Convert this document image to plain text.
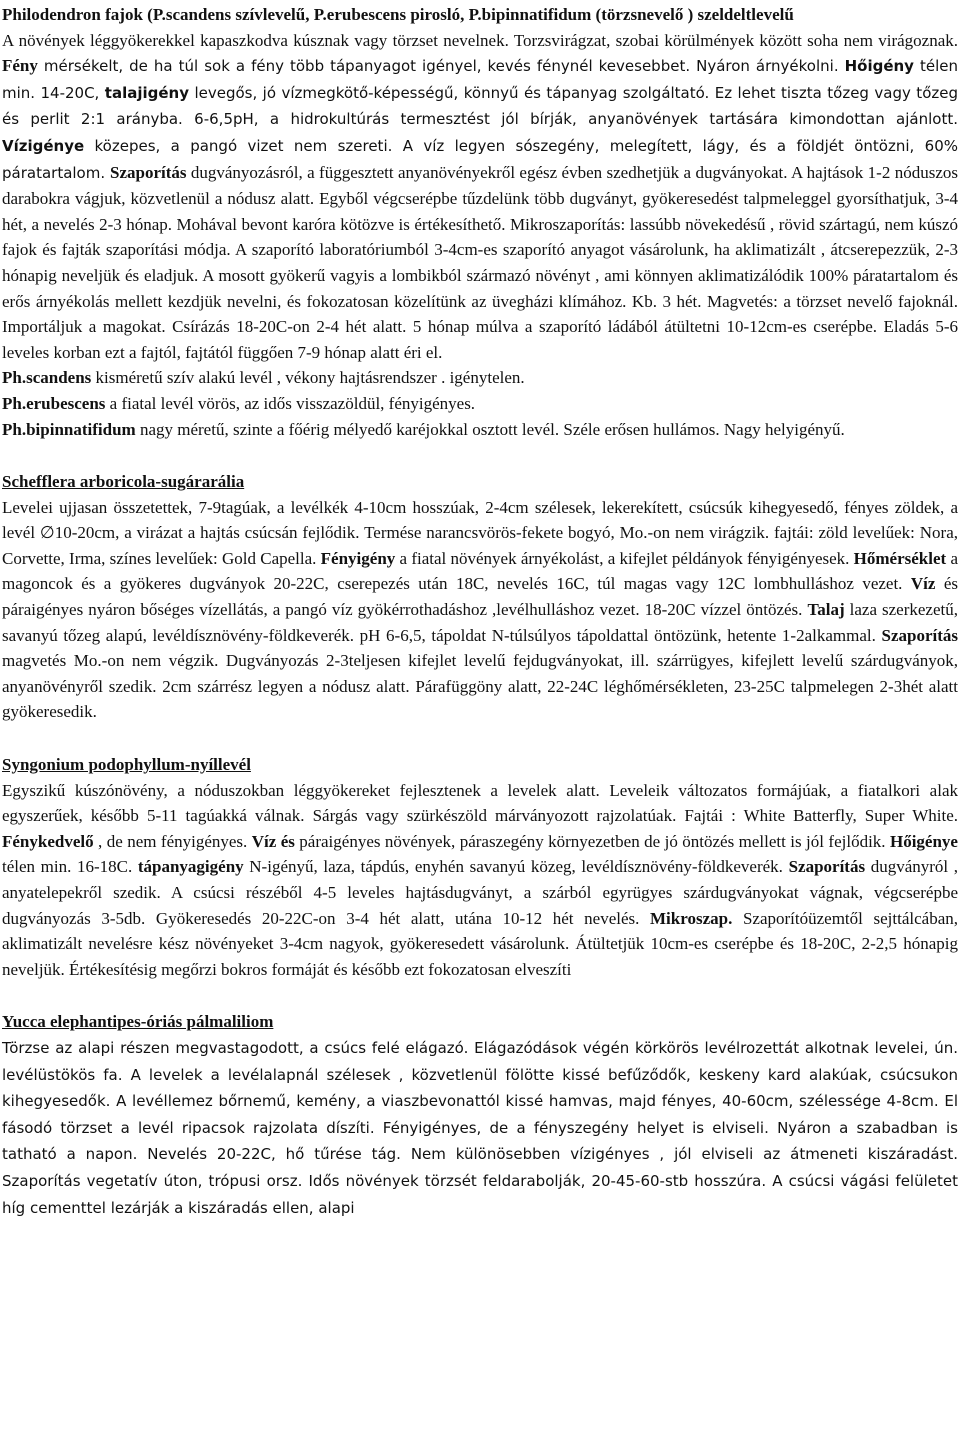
Philodendron fajok (P.scandens szívlevelű, P.erubescens pirosló, P.bipinnatifidum (törzsnevelő ) szeldeltlevelű

A növények léggyökerekkel kapaszkodva kúsznak vagy törzset nevelnek. Torzsvirágzat, szobai körülmények között soha nem virágoznak. Fény mérsékelt, de ha túl sok a fény több tápanyagot igényel, kevés fénynél kevesebbet. Nyáron árnyékolni. Hőigény télen min. 14-20C, talajigény levegős, jó vízmegkötő-képességű, könnyű és tápanyag szolgáltató. Ez lehet tiszta tőzeg vagy tőzeg és perlit 2:1 arányba. 6-6,5pH, a hidrokultúrás termesztést jól bírják, anyanövények tartására kimondottan ajánlott. Vízigénye közepes, a pangó vizet nem szereti. A víz legyen sószegény, melegített, lágy, és a földjét öntözni, 60% páratartalom. Szaporítás dugványozásról, a függesztett anyanövényekről egész évben szedhetjük a dugványokat. A hajtások 1-2 nóduszos darabokra vágjuk, közvetlenül a nódusz alatt. Egyből végcserépbe tűzdelünk több dugványt, gyökeresedést talpmeleggel gyorsíthatjuk, 3-4 hét, a nevelés 2-3 hónap. Mohával bevont karóra kötözve is értékesíthető. Mikroszaporítás: lassúbb növekedésű , rövid szártagú, nem kúszó fajok és fajták szaporítási módja. A szaporító laboratóriumból 3-4cm-es szaporító anyagot vásárolunk, ha aklimatizált , átcserepezzük, 2-3 hónapig neveljük és eladjuk. A mosott gyökerű vagyis a lombikból származó növényt , ami könnyen aklimatizálódik 100% páratartalom és erős árnyékolás mellett kezdjük nevelni, és fokozatosan közelítünk az üvegházi klímához. Kb. 3 hét. Magvetés: a törzset nevelő fajoknál. Importáljuk a magokat. Csírázás 18-20C-on 2-4 hét alatt. 5 hónap múlva a szaporító ládából átültetni 10-12cm-es cserépbe. Eladás 5-6 leveles korban ezt a fajtól, fajtától függően 7-9 hónap alatt éri el.

Ph.scandens kisméretű szív alakú levél , vékony hajtásrendszer . igénytelen.

Ph.erubescens a fiatal levél vörös, az idős visszazöldül, fényigényes.

Ph.bipinnatifidum nagy méretű, szinte a főérig mélyedő karéjokkal osztott levél. Széle erősen hullámos. Nagy helyigényű.

Schefflera arboricola-sugárarália

Levelei ujjasan összetettek, 7-9tagúak, a levélkék 4-10cm hosszúak, 2-4cm szélesek, lekerekített, csúcsúk kihegyesedő, fényes zöldek, a levél ∅10-20cm, a virázat a hajtás csúcsán fejlődik. Termése narancsvörös-fekete bogyó, Mo.-on nem virágzik. fajtái: zöld levelűek: Nora, Corvette, Irma, színes levelűek: Gold Capella. Fényigény a fiatal növények árnyékolást, a kifejlet példányok fényigényesek. Hőmérséklet a magoncok és a gyökeres dugványok 20-22C, cserepezés után 18C, nevelés 16C, túl magas vagy 12C lombhulláshoz vezet. Víz és páraigényes nyáron bőséges vízellátás, a pangó víz gyökérrothadáshoz ,levélhulláshoz vezet. 18-20C vízzel öntözés. Talaj laza szerkezetű, savanyú tőzeg alapú, levéldísznövény-földkeverék. pH 6-6,5, tápoldat N-túlsúlyos tápoldattal öntözünk, hetente 1-2alkammal. Szaporítás magvetés Mo.-on nem végzik. Dugványozás 2-3teljesen kifejlet levelű fejdugványokat, ill. szárrügyes, kifejlett levelű szárdugványok, anyanövényről szedik. 2cm szárrész legyen a nódusz alatt. Párafüggöny alatt, 22-24C léghőmérsékleten, 23-25C talpmelegen 2-3hét alatt gyökeresedik.

Syngonium podophyllum-nyíllevél

Egyszikű kúszónövény, a nóduszokban léggyökereket fejlesztenek a levelek alatt. Leveleik változatos formájúak, a fiatalkori alak egyszerűek, később 5-11 tagúakká válnak. Sárgás vagy szürkészöld márványozott rajzolatúak. Fajtái : White Batterfly, Super White. Fénykedvelő , de nem fényigényes. Víz és páraigényes növények, páraszegény környezetben de jó öntözés mellett is jól fejlődik. Hőigénye télen min. 16-18C. tápanyagigény N-igényű, laza, tápdús, enyhén savanyú közeg, levéldísznövény-földkeverék. Szaporítás dugványról , anyatelepekről szedik. A csúcsi részéből 4-5 leveles hajtásdugványt, a szárból egyrügyes szárdugványokat vágnak, végcserépbe dugványozás 3-5db. Gyökeresedés 20-22C-on 3-4 hét alatt, utána 10-12 hét nevelés. Mikroszap. Szaporítóüzemtől sejttálcában, aklimatizált nevelésre kész növényeket 3-4cm nagyok, gyökeresedett vásárolunk. Átültetjük 10cm-es cserépbe és 18-20C, 2-2,5 hónapig neveljük. Értékesítésig megőrzi bokros formáját és később ezt fokozatosan elveszíti

Yucca elephantipes-óriás pálmaliliom

Törzse az alapi részen megvastagodott, a csúcs felé elágazó. Elágazódások végén körkörös levélrozettát alkotnak levelei, ún. levélüstökös fa. A levelek a levélalapnál szélesek , közvetlenül fölötte kissé befűződők, keskeny kard alakúak, csúcsukon kihegyesedők. A levéllemez bőrnemű, kemény, a viaszbevonattól kissé hamvas, majd fényes, 40-60cm, szélessége 4-8cm. El fásodó törzset a levél ripacsok rajzolata díszíti. Fényigényes, de a fényszegény helyet is elviseli. Nyáron a szabadban is tatható a napon. Nevelés 20-22C, hő tűrése tág. Nem különösebben vízigényes , jól elviseli az átmeneti kiszáradást. Szaporítás vegetatív úton, trópusi orsz. Idős növények törzsét feldarabolják, 20-45-60-stb hosszúra. A csúcsi vágási felületet híg cementtel lezárják a kiszáradás ellen, alapi
